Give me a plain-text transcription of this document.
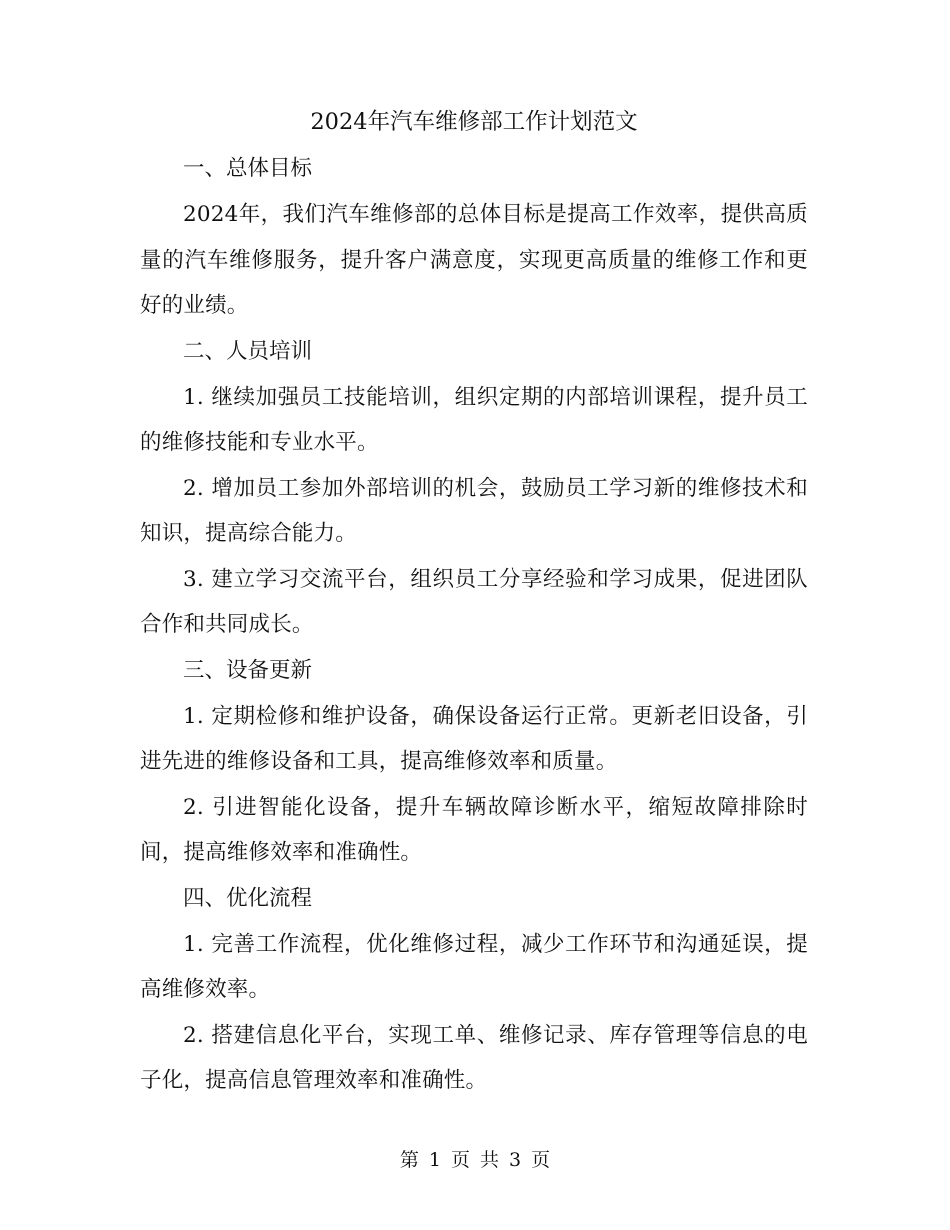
2024年汽车维修部工作计划范文

一、总体目标

2024年，我们汽车维修部的总体目标是提高工作效率，提供高质量的汽车维修服务，提升客户满意度，实现更高质量的维修工作和更好的业绩。

二、人员培训

1. 继续加强员工技能培训，组织定期的内部培训课程，提升员工的维修技能和专业水平。

2. 增加员工参加外部培训的机会，鼓励员工学习新的维修技术和知识，提高综合能力。

3. 建立学习交流平台，组织员工分享经验和学习成果，促进团队合作和共同成长。

三、设备更新

1. 定期检修和维护设备，确保设备运行正常。更新老旧设备，引进先进的维修设备和工具，提高维修效率和质量。

2. 引进智能化设备，提升车辆故障诊断水平，缩短故障排除时间，提高维修效率和准确性。

四、优化流程

1. 完善工作流程，优化维修过程，减少工作环节和沟通延误，提高维修效率。

2. 搭建信息化平台，实现工单、维修记录、库存管理等信息的电子化，提高信息管理效率和准确性。

第 1 页 共 3 页
